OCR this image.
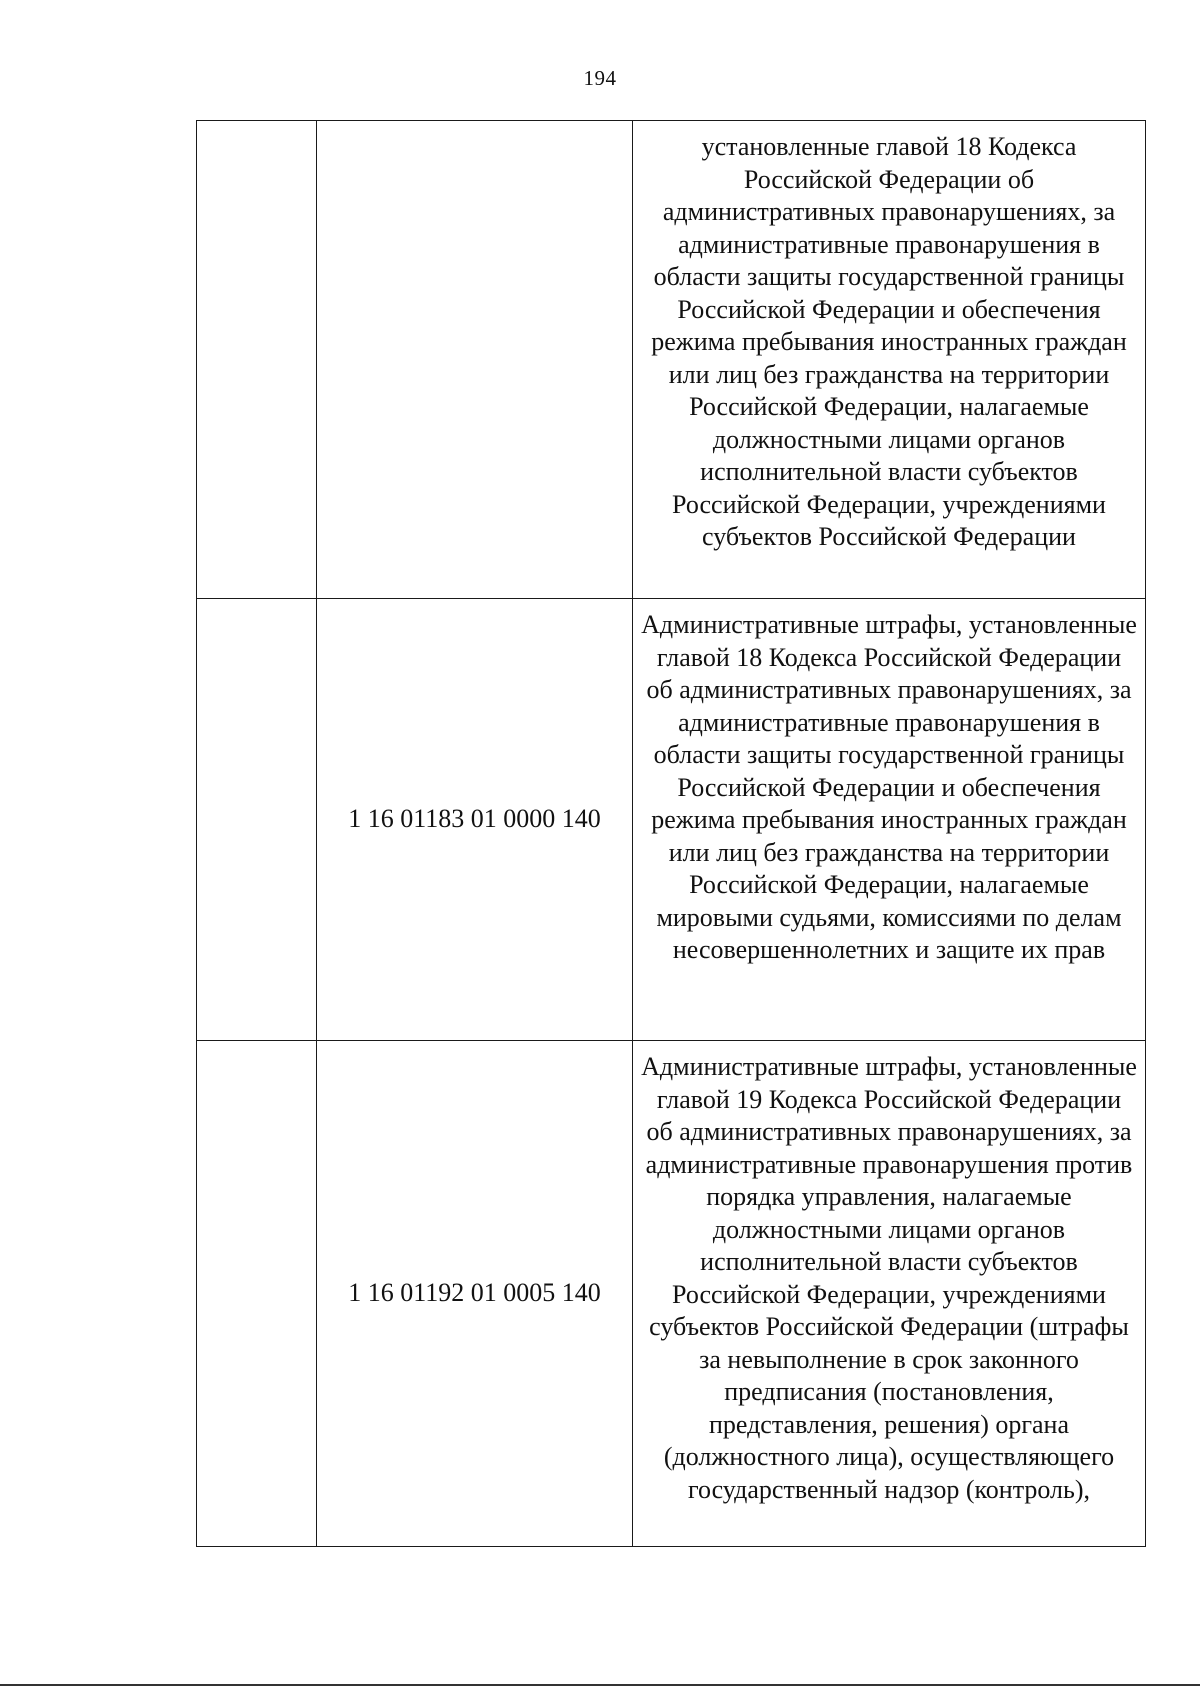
194
		установленные главой 18 Кодекса Российской Федерации об административных правонарушениях, за административные правонарушения в области защиты государственной границы Российской Федерации и обеспечения режима пребывания иностранных граждан или лиц без гражданства на территории Российской Федерации, налагаемые должностными лицами органов исполнительной власти субъектов Российской Федерации, учреждениями субъектов Российской Федерации
	1 16 01183 01 0000 140	Административные штрафы, установленные главой 18 Кодекса Российской Федерации об административных правонарушениях, за административные правонарушения в области защиты государственной границы Российской Федерации и обеспечения режима пребывания иностранных граждан или лиц без гражданства на территории Российской Федерации, налагаемые мировыми судьями, комиссиями по делам несовершеннолетних и защите их прав
	1 16 01192 01 0005 140	Административные штрафы, установленные главой 19 Кодекса Российской Федерации об административных правонарушениях, за административные правонарушения против порядка управления, налагаемые должностными лицами органов исполнительной власти субъектов Российской Федерации, учреждениями субъектов Российской Федерации (штрафы за невыполнение в срок законного предписания (постановления, представления, решения) органа (должностного лица), осуществляющего государственный надзор (контроль),
